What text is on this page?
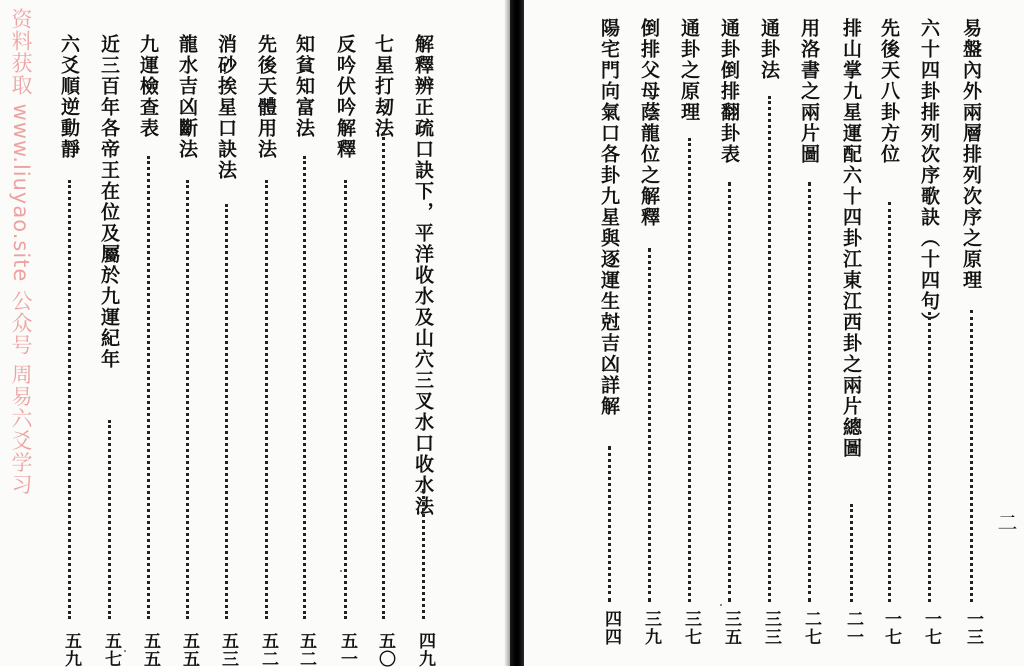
解釋辨正疏口訣下，平洋收水及山穴三叉水口收水法
四九
七星打刼法
五〇
反吟伏吟解釋
五一
知貧知富法
五二
先後天體用法
五二
消砂挨星口訣法
五三
龍水吉凶斷法
五五
九運檢查表
五五
近三百年各帝王在位及屬於九運紀年
五七
六爻順逆動靜
五九
易盤內外兩層排列次序之原理
一三
六十四卦排列次序歌訣（十四句）
一七
先後天八卦方位
一七
排山掌九星運配六十四卦江東江西卦之兩片總圖
二一
用洛書之兩片圖
二七
通卦法
三三
通卦倒排翻卦表
三五
通卦之原理
三七
倒排父母蔭龍位之解釋
三九
陽宅門向氣口各卦九星與逐運生尅吉凶詳解
四四
二
资料获取 www.liuyao.site 公众号 周易六爻学习
